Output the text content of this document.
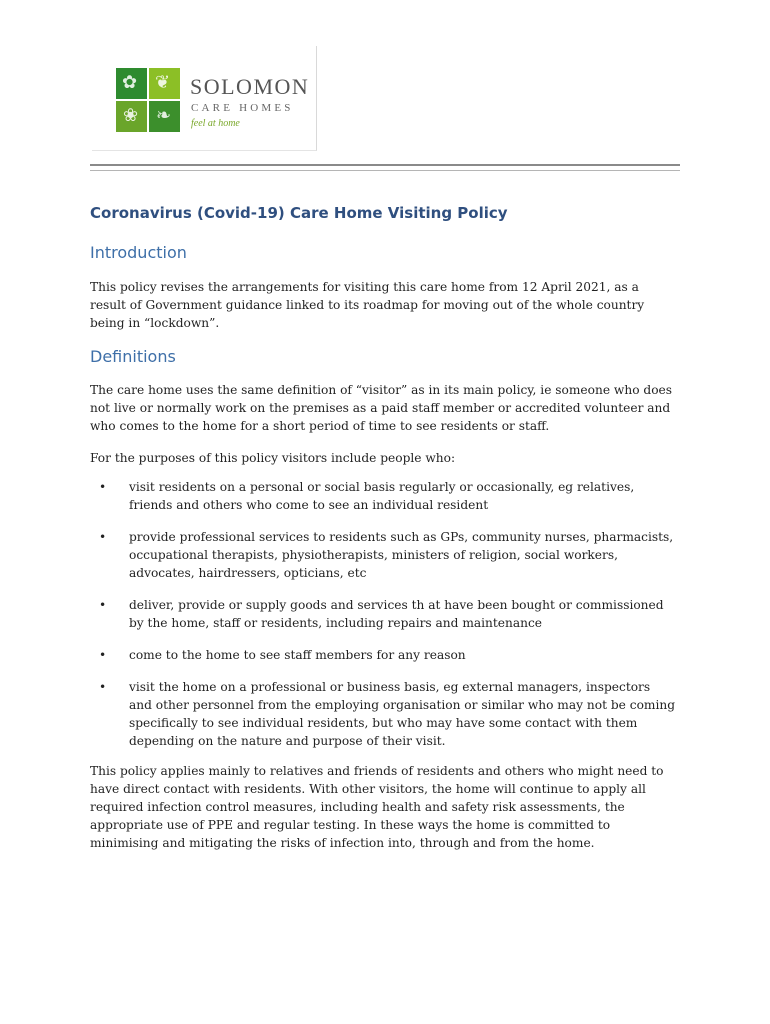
✿ ❦
❀ ❧
SOLOMON
CARE HOMES
feel at home
Coronavirus (Covid-19) Care Home Visiting Policy
Introduction

This policy revises the arrangements for visiting this care home from 12 April 2021, as a result of Government guidance linked to its roadmap for moving out of the whole country being in “lockdown”.

Definitions

The care home uses the same definition of “visitor” as in its main policy, ie someone who does not live or normally work on the premises as a paid staff member or accredited volunteer and who comes to the home for a short period of time to see residents or staff.

For the purposes of this policy visitors include people who:

• visit residents on a personal or social basis regularly or occasionally, eg relatives, friends and others who come to see an individual resident
• provide professional services to residents such as GPs, community nurses, pharmacists, occupational therapists, physiotherapists, ministers of religion, social workers, advocates, hairdressers, opticians, etc
• deliver, provide or supply goods and services th at have been bought or commissioned by the home, staff or residents, including repairs and maintenance
• come to the home to see staff members for any reason
• visit the home on a professional or business basis, eg external managers, inspectors and other personnel from the employing organisation or similar who may not be coming specifically to see individual residents, but who may have some contact with them depending on the nature and purpose of their visit.

This policy applies mainly to relatives and friends of residents and others who might need to have direct contact with residents. With other visitors, the home will continue to apply all required infection control measures, including health and safety risk assessments, the appropriate use of PPE and regular testing. In these ways the home is committed to minimising and mitigating the risks of infection into, through and from the home.
